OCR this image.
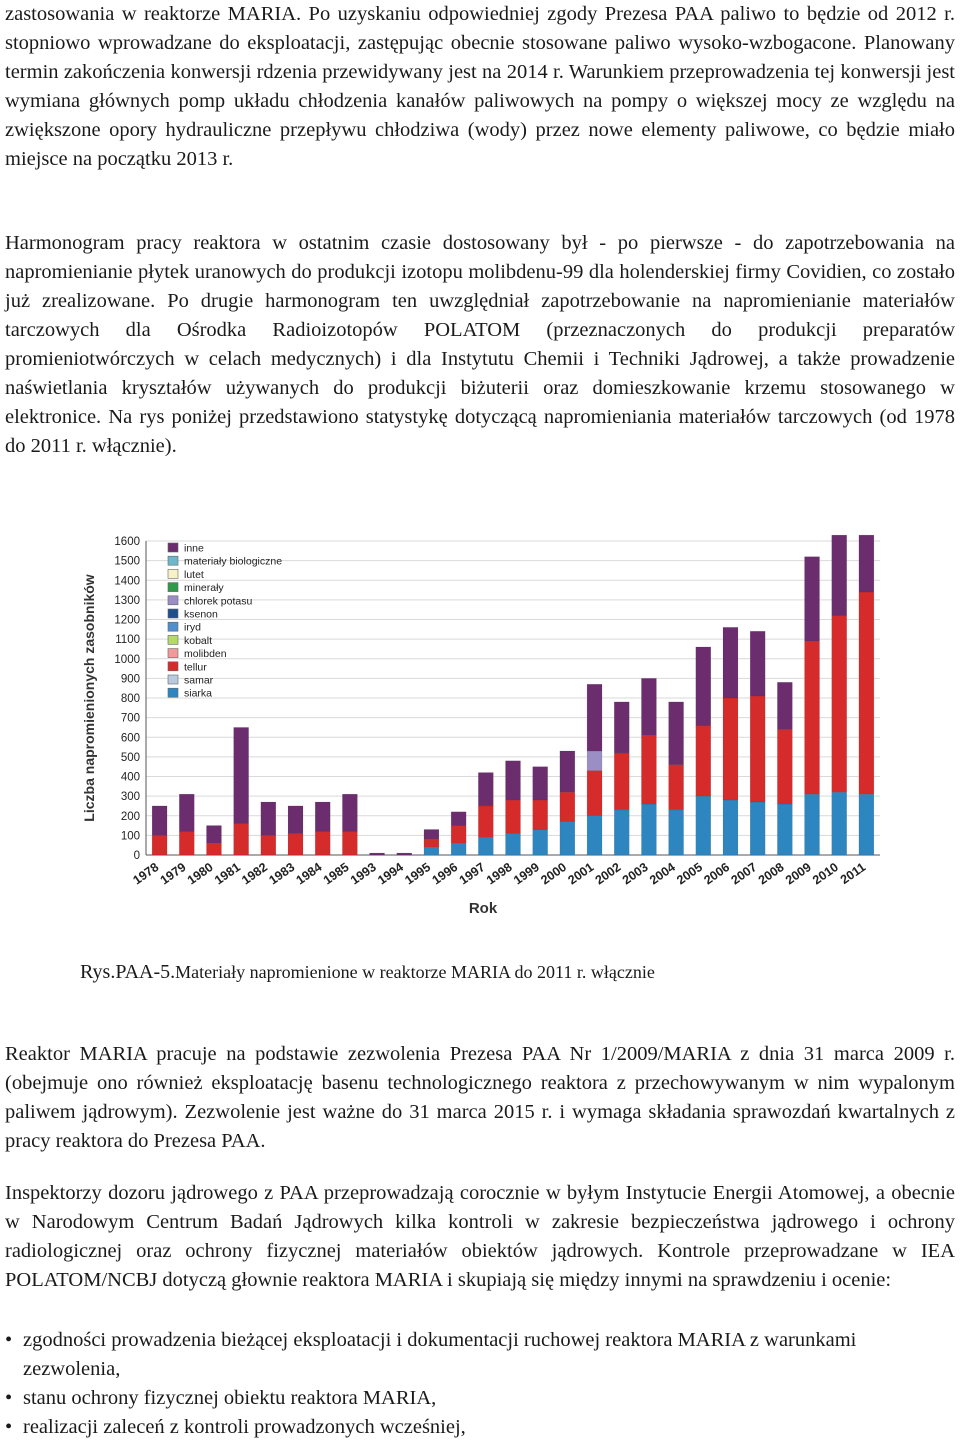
zastosowania w reaktorze MARIA. Po uzyskaniu odpowiedniej zgody Prezesa PAA paliwo to będzie od 2012 r. stopniowo wprowadzane do eksploatacji, zastępując obecnie stosowane paliwo wysoko-wzbogacone. Planowany termin zakończenia konwersji rdzenia przewidywany jest na 2014 r. Warunkiem przeprowadzenia tej konwersji jest wymiana głównych pomp układu chłodzenia kanałów paliwowych na pompy o większej mocy ze względu na zwiększone opory hydrauliczne przepływu chłodziwa (wody) przez nowe elementy paliwowe, co będzie miało miejsce na początku 2013 r.

Harmonogram pracy reaktora w ostatnim czasie dostosowany był - po pierwsze - do zapotrzebowania na napromienianie płytek uranowych do produkcji izotopu molibdenu-99 dla holenderskiej firmy Covidien, co zostało już zrealizowane. Po drugie harmonogram ten uwzględniał zapotrzebowanie na napromienianie materiałów tarczowych dla Ośrodka Radioizotopów POLATOM (przeznaczonych do produkcji preparatów promieniotwórczych w celach medycznych) i dla Instytutu Chemii i Techniki Jądrowej, a także prowadzenie naświetlania kryształów używanych do produkcji biżuterii oraz domieszkowanie krzemu stosowanego w elektronice. Na rys poniżej przedstawiono statystykę dotyczącą napromieniania materiałów tarczowych (od 1978 do 2011 r. włącznie).

0
100
200
300
400
500
600
700
800
900
1000
1100
1200
1300
1400
1500
1600
1978
1979
1980
1981
1982
1983
1984
1985
1993
1994
1995
1996
1997
1998
1999
2000
2001
2002
2003
2004
2005
2006
2007
2008
2009
2010
2011
Rok
Liczba napromienionych zasobników
inne
materiały biologiczne
lutet
minerały
chlorek potasu
ksenon
iryd
kobalt
molibden
tellur
samar
siarka

Rys.PAA-5.Materiały napromienione w reaktorze MARIA do 2011 r. włącznie

Reaktor MARIA pracuje na podstawie zezwolenia Prezesa PAA Nr 1/2009/MARIA z dnia 31 marca 2009 r. (obejmuje ono również eksploatację basenu technologicznego reaktora z przechowywanym w nim wypalonym paliwem jądrowym). Zezwolenie jest ważne do 31 marca 2015 r. i wymaga składania sprawozdań kwartalnych z pracy reaktora do Prezesa PAA.

Inspektorzy dozoru jądrowego z PAA przeprowadzają corocznie w byłym Instytucie Energii Atomowej, a obecnie w Narodowym Centrum Badań Jądrowych kilka kontroli w zakresie bezpieczeństwa jądrowego i ochrony radiologicznej oraz ochrony fizycznej materiałów obiektów jądrowych. Kontrole przeprowadzane w IEA POLATOM/NCBJ dotyczą głownie reaktora MARIA i skupiają się między innymi na sprawdzeniu i ocenie:

• zgodności prowadzenia bieżącej eksploatacji i dokumentacji ruchowej reaktora MARIA z warunkami zezwolenia,
• stanu ochrony fizycznej obiektu reaktora MARIA,
• realizacji zaleceń z kontroli prowadzonych wcześniej,
